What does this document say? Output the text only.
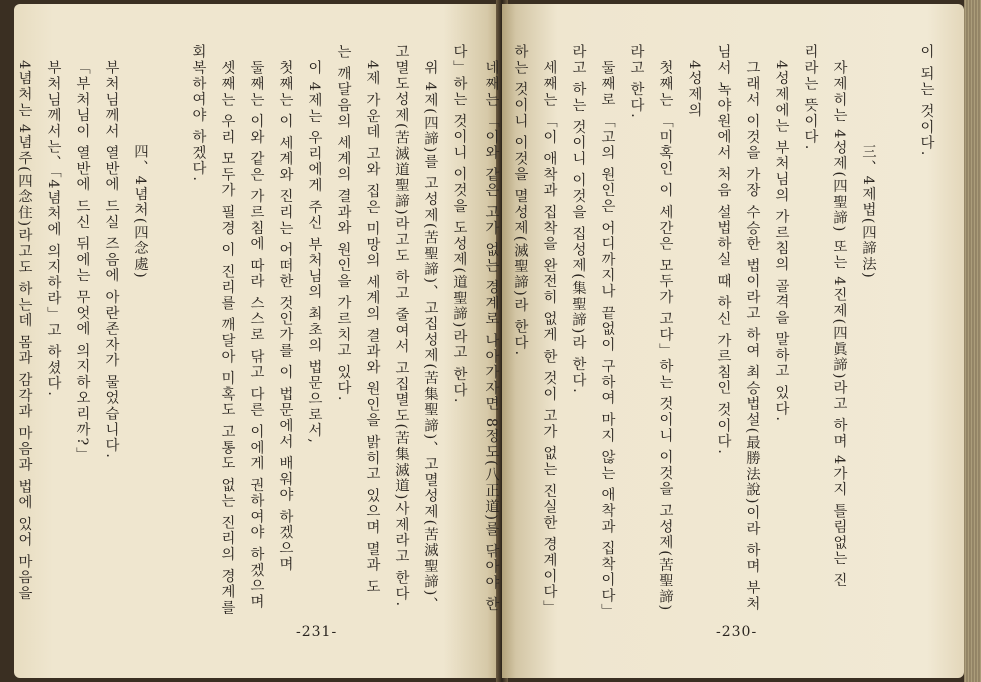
다」하는 것이니 이것을 도성제(道聖諦)라고 한다.
위 4제(四諦)를 고성제(苦聖諦)、고집성제(苦集聖諦)、고멸성제(苦滅聖諦)、
고멸도성제(苦滅道聖諦)라고도 하고 줄여서 고집멸도(苦集滅道)사제라고 한다.
4제 가운데 고와 집은 미망의 세계의 결과와 원인을 밝히고 있으며 멸과 도
는 깨달음의 세계의 결과와 원인을 가르치고 있다.
이 4제는 우리에게 주신 부처님의 최초의 법문으로서,
첫째는 이 세계와 진리는 어떠한 것인가를 이 법문에서 배워야 하겠으며
둘째는 이와 같은 가르침에 따라 스스로 닦고 다른 이에게 권하여야 하겠으며
셋째는 우리 모두가 필경 이 진리를 깨달아 미혹도 고통도 없는 진리의 경계를
회복하여야 하겠다.
四、4념처(四念處)
부처님께서 열반에 드실 즈음에 아란존자가 물었습니다.
「부처님이 열반에 드신 뒤에는 무엇에 의지하오리까?」
부처님께서는、「4념처에 의지하라」고 하셨다.
4념처는 4념주(四念住)라고도 하는데 몸과 감각과 마음과 법에 있어 마음을
-231-
이 되는 것이다.
三、4제법(四諦法)
자제히는 4성제(四聖諦) 또는 4진제(四眞諦)라고 하며 4가지 틀림없는 진
리라는 뜻이다.
4성제에는 부처님의 가르침의 골격을 말하고 있다.
그래서 이것을 가장 수승한 법이라고 하여 최승법설(最勝法說)이라 하며 부처
님서 녹야원에서 처음 설법하실 때 하신 가르침인 것이다.
4성제의
첫째는 「미혹인 이 세간은 모두가 고다」하는 것이니 이것을 고성제(苦聖諦)
라고 한다.
둘째로 「고의 원인은 어디까지나 끝없이 구하여 마지 않는 애착과 집착이다」
라고 하는 것이니 이것을 집성제(集聖諦)라 한다.
세째는 「이 애착과 집착을 완전히 없게 한 것이 고가 없는 진실한 경계이다」
하는 것이니 이것을 멸성제(滅聖諦)라 한다.
네째는 「이와 같은 고가 없는 경계로 나아가자면 8정도(八正道)를 닦아야 한
-230-
